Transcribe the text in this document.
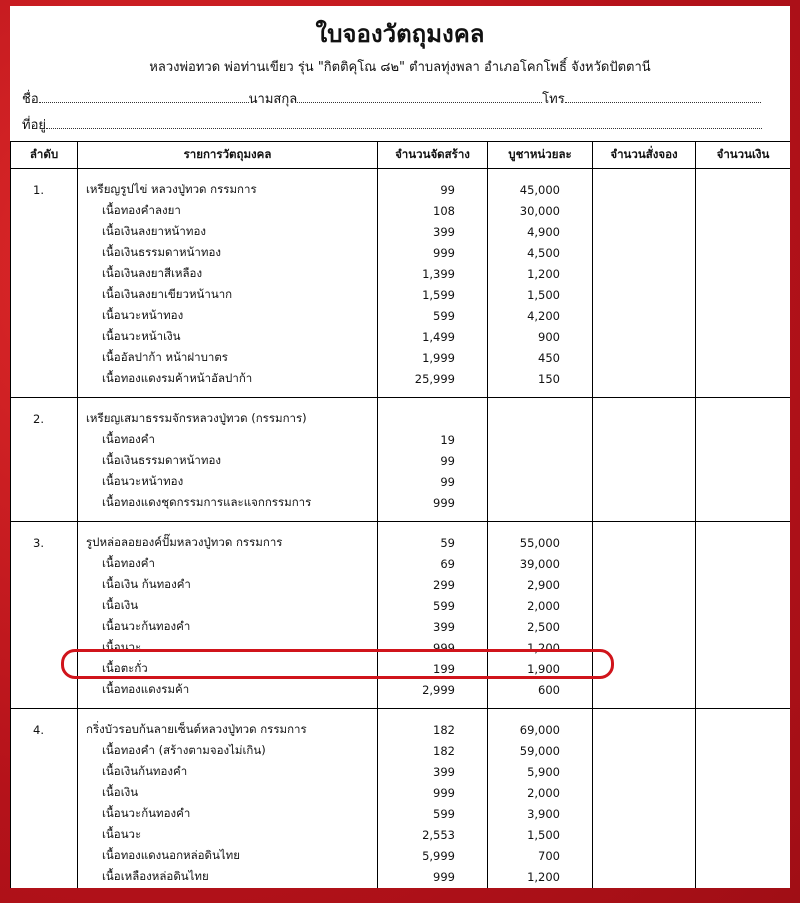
ใบจองวัตถุมงคล
หลวงพ่อทวด พ่อท่านเขียว รุ่น "กิตติคุโณ ๘๒" ตำบลทุ่งพลา อำเภอโคกโพธิ์ จังหวัดปัตตานี
ชื่อ	นามสกุล	โทร
ที่อยู่
ลำดับ	รายการวัตถุมงคล	จำนวนจัดสร้าง	บูชาหน่วยละ	จำนวนสั่งจอง	จำนวนเงิน
1.	เหรียญรูปไข่ หลวงปู่ทวด กรรมการ	99	45,000		
	เนื้อทองคำลงยา	108	30,000		
	เนื้อเงินลงยาหน้าทอง	399	4,900		
	เนื้อเงินธรรมดาหน้าทอง	999	4,500		
	เนื้อเงินลงยาสีเหลือง	1,399	1,200		
	เนื้อเงินลงยาเขียวหน้านาก	1,599	1,500		
	เนื้อนวะหน้าทอง	599	4,200		
	เนื้อนวะหน้าเงิน	1,499	900		
	เนื้ออัลปาก้า หน้าฝาบาตร	1,999	450		
	เนื้อทองแดงรมค้าหน้าอัลปาก้า	25,999	150		
2.	เหรียญเสมาธรรมจักรหลวงปู่ทวด (กรรมการ)				
	เนื้อทองคำ	19			
	เนื้อเงินธรรมดาหน้าทอง	99			
	เนื้อนวะหน้าทอง	99			
	เนื้อทองแดงชุดกรรมการและแจกกรรมการ	999			
3.	รูปหล่อลอยองค์ปั๊มหลวงปู่ทวด กรรมการ	59	55,000		
	เนื้อทองคำ	69	39,000		
	เนื้อเงิน ก้นทองคำ	299	2,900		
	เนื้อเงิน	599	2,000		
	เนื้อนวะก้นทองคำ	399	2,500		
	เนื้อนวะ	999	1,200		
	เนื้อตะกั่ว	199	1,900		
	เนื้อทองแดงรมค้า	2,999	600		
4.	กริ่งบัวรอบก้นลายเซ็นต์หลวงปู่ทวด กรรมการ	182	69,000		
	เนื้อทองคำ (สร้างตามจองไม่เกิน)	182	59,000		
	เนื้อเงินก้นทองคำ	399	5,900		
	เนื้อเงิน	999	2,000		
	เนื้อนวะก้นทองคำ	599	3,900		
	เนื้อนวะ	2,553	1,500		
	เนื้อทองแดงนอกหล่อดินไทย	5,999	700		
	เนื้อเหลืองหล่อดินไทย	999	1,200		
